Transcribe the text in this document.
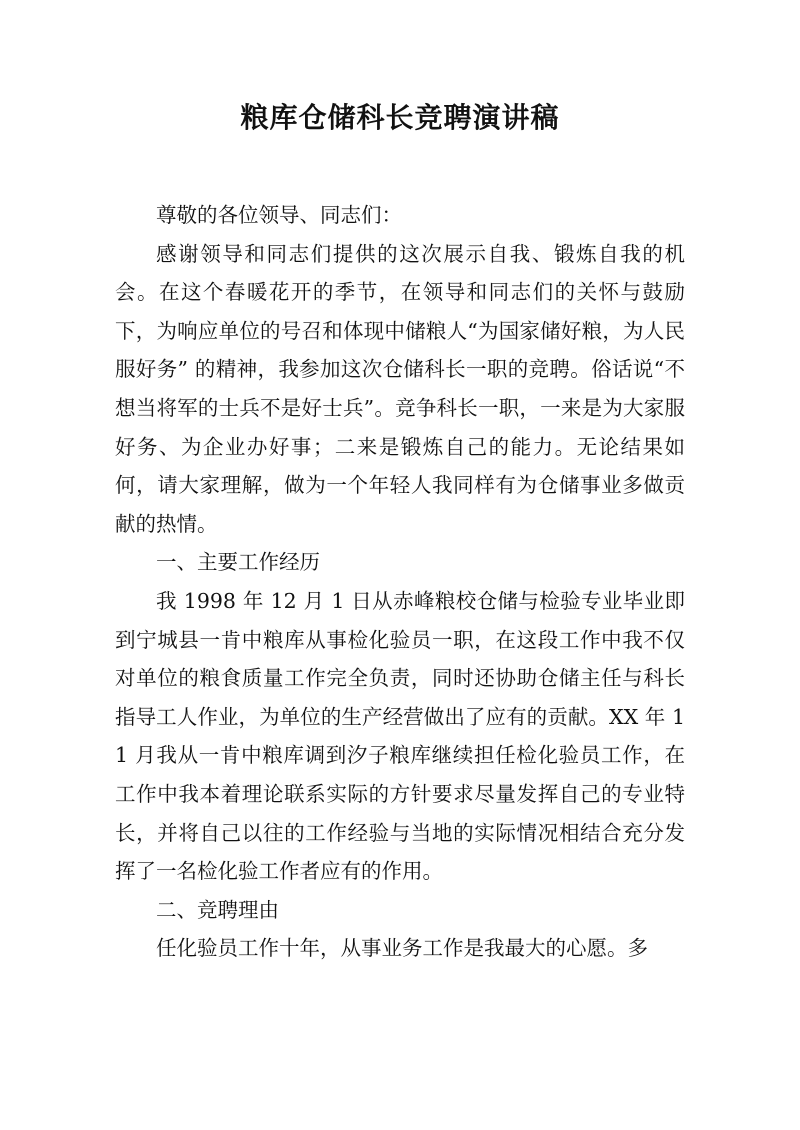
粮库仓储科长竞聘演讲稿

尊敬的各位领导、同志们：

感谢领导和同志们提供的这次展示自我、锻炼自我的机会。在这个春暖花开的季节，在领导和同志们的关怀与鼓励下，为响应单位的号召和体现中储粮人“为国家储好粮，为人民服好务” 的精神，我参加这次仓储科长一职的竞聘。俗话说“不想当将军的士兵不是好士兵”。竞争科长一职，一来是为大家服好务、为企业办好事；二来是锻炼自己的能力。无论结果如何，请大家理解，做为一个年轻人我同样有为仓储事业多做贡献的热情。

一、主要工作经历

我 1998 年 12 月 1 日从赤峰粮校仓储与检验专业毕业即到宁城县一肯中粮库从事检化验员一职，在这段工作中我不仅对单位的粮食质量工作完全负责，同时还协助仓储主任与科长指导工人作业，为单位的生产经营做出了应有的贡献。XX 年 11 月我从一肯中粮库调到汐子粮库继续担任检化验员工作，在工作中我本着理论联系实际的方针要求尽量发挥自己的专业特长，并将自己以往的工作经验与当地的实际情况相结合充分发挥了一名检化验工作者应有的作用。

二、竞聘理由

任化验员工作十年，从事业务工作是我最大的心愿。多
